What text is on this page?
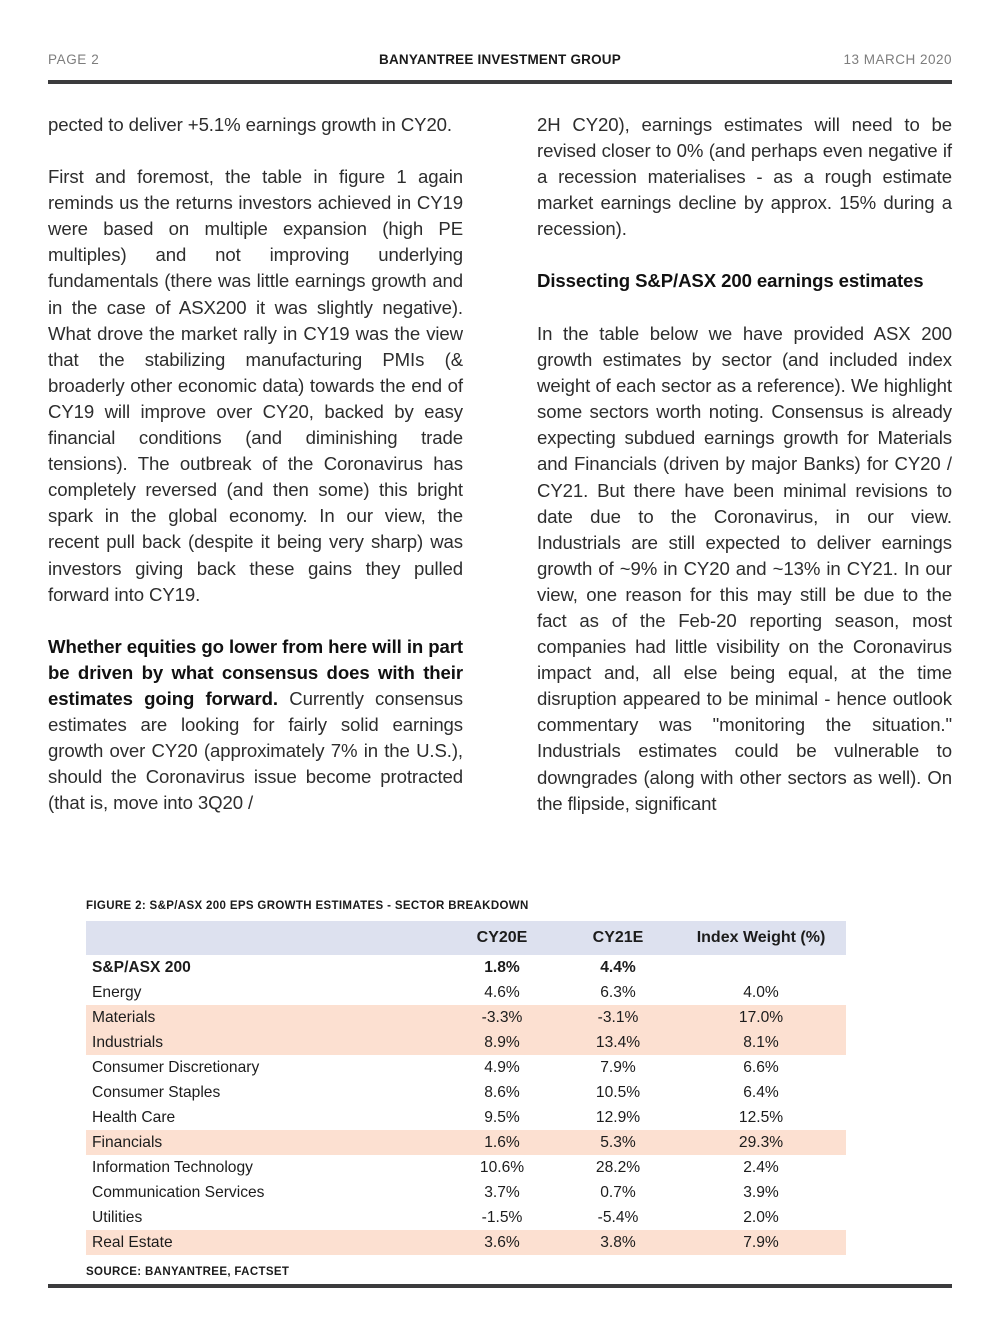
PAGE 2	BANYANTREE INVESTMENT GROUP	13 MARCH 2020

pected to deliver +5.1% earnings growth in CY20.

First and foremost, the table in figure 1 again reminds us the returns investors achieved in CY19 were based on multiple expansion (high PE multiples) and not improving underlying fundamentals (there was little earnings growth and in the case of ASX200 it was slightly negative). What drove the market rally in CY19 was the view that the stabilizing manufacturing PMIs (& broaderly other economic data) towards the end of CY19 will improve over CY20, backed by easy financial conditions (and diminishing trade tensions). The outbreak of the Coronavirus has completely reversed (and then some) this bright spark in the global economy. In our view, the recent pull back (despite it being very sharp) was investors giving back these gains they pulled forward into CY19.

Whether equities go lower from here will in part be driven by what consensus does with their estimates going forward. Currently consensus estimates are looking for fairly solid earnings growth over CY20 (approximately 7% in the U.S.), should the Coronavirus issue become protracted (that is, move into 3Q20 /

2H CY20), earnings estimates will need to be revised closer to 0% (and perhaps even negative if a recession materialises - as a rough estimate market earnings decline by approx. 15% during a recession).

Dissecting S&P/ASX 200 earnings estimates

In the table below we have provided ASX 200 growth estimates by sector (and included index weight of each sector as a reference). We highlight some sectors worth noting. Consensus is already expecting subdued earnings growth for Materials and Financials (driven by major Banks) for CY20 / CY21. But there have been minimal revisions to date due to the Coronavirus, in our view. Industrials are still expected to deliver earnings growth of ~9% in CY20 and ~13% in CY21. In our view, one reason for this may still be due to the fact as of the Feb-20 reporting season, most companies had little visibility on the Coronavirus impact and, all else being equal, at the time disruption appeared to be minimal - hence outlook commentary was "monitoring the situation." Industrials estimates could be vulnerable to downgrades (along with other sectors as well). On the flipside, significant

FIGURE 2: S&P/ASX 200 EPS GROWTH ESTIMATES - SECTOR BREAKDOWN
	CY20E	CY21E	Index Weight (%)
S&P/ASX 200	1.8%	4.4%	
Energy	4.6%	6.3%	4.0%
Materials	-3.3%	-3.1%	17.0%
Industrials	8.9%	13.4%	8.1%
Consumer Discretionary	4.9%	7.9%	6.6%
Consumer Staples	8.6%	10.5%	6.4%
Health Care	9.5%	12.9%	12.5%
Financials	1.6%	5.3%	29.3%
Information Technology	10.6%	28.2%	2.4%
Communication Services	3.7%	0.7%	3.9%
Utilities	-1.5%	-5.4%	2.0%
Real Estate	3.6%	3.8%	7.9%
SOURCE: BANYANTREE, FACTSET
